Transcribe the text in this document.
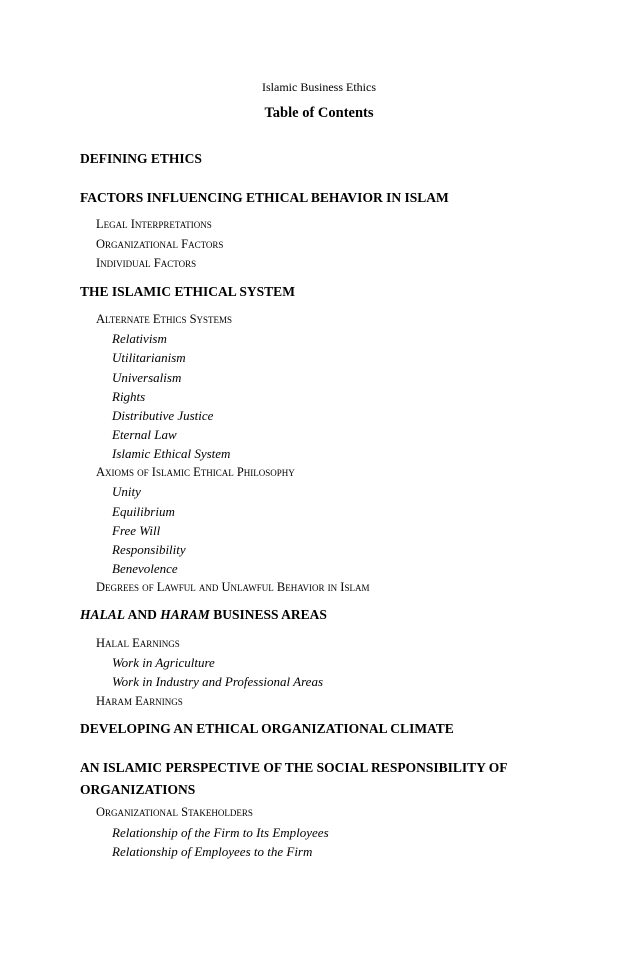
Islamic Business Ethics
Table of Contents
DEFINING ETHICS
FACTORS INFLUENCING ETHICAL BEHAVIOR IN ISLAM
Legal Interpretations
Organizational Factors
Individual Factors
THE ISLAMIC ETHICAL SYSTEM
Alternate Ethics Systems
Relativism
Utilitarianism
Universalism
Rights
Distributive Justice
Eternal Law
Islamic Ethical System
Axioms of Islamic Ethical Philosophy
Unity
Equilibrium
Free Will
Responsibility
Benevolence
Degrees of Lawful and Unlawful Behavior in Islam
HALAL AND HARAM BUSINESS AREAS
Halal Earnings
Work in Agriculture
Work in Industry and Professional Areas
Haram Earnings
DEVELOPING AN ETHICAL ORGANIZATIONAL CLIMATE
AN ISLAMIC PERSPECTIVE OF THE SOCIAL RESPONSIBILITY OF ORGANIZATIONS
Organizational Stakeholders
Relationship of the Firm to Its Employees
Relationship of Employees to the Firm
